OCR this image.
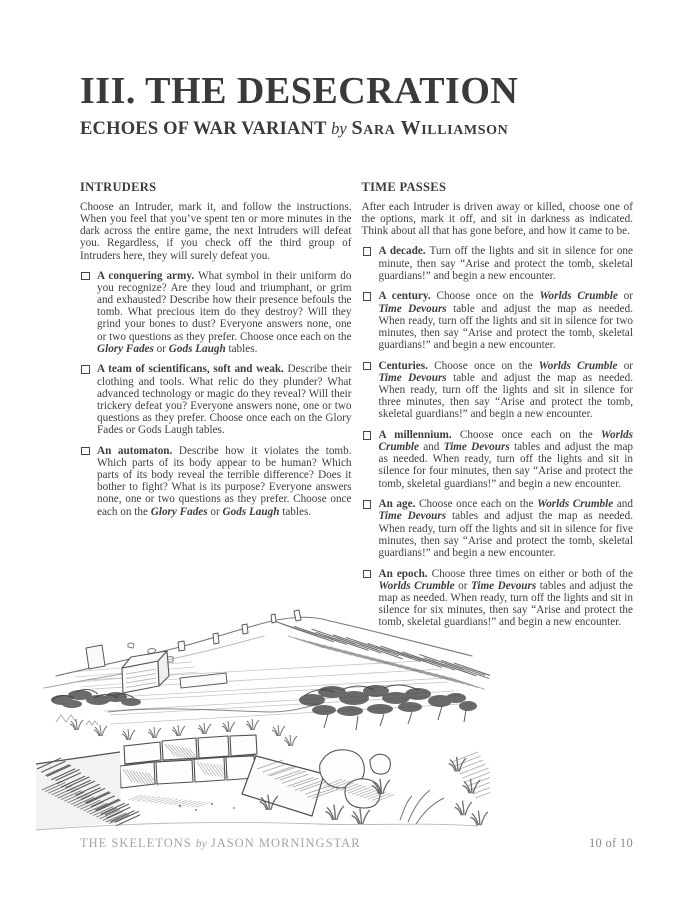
III. THE DESECRATION
ECHOES OF WAR VARIANT by Sara Williamson
INTRUDERS

Choose an Intruder, mark it, and follow the instructions. When you feel that you’ve spent ten or more minutes in the dark across the entire game, the next Intruders will defeat you. Regardless, if you check off the third group of Intruders here, they will surely defeat you.

A conquering army. What symbol in their uniform do you recognize? Are they loud and triumphant, or grim and exhausted? Describe how their presence befouls the tomb. What precious item do they destroy? Will they grind your bones to dust? Everyone answers none, one or two questions as they prefer. Choose once each on the Glory Fades or Gods Laugh tables.
A team of scientificans, soft and weak. Describe their clothing and tools. What relic do they plunder? What advanced technology or magic do they reveal? Will their trickery defeat you? Everyone answers none, one or two questions as they prefer. Choose once each on the Glory Fades or Gods Laugh tables.
An automaton. Describe how it violates the tomb. Which parts of its body appear to be human? Which parts of its body reveal the terrible difference? Does it bother to fight? What is its purpose? Everyone answers none, one or two questions as they prefer. Choose once each on the Glory Fades or Gods Laugh tables.
TIME PASSES

After each Intruder is driven away or killed, choose one of the options, mark it off, and sit in darkness as indicated. Think about all that has gone before, and how it came to be.

A decade. Turn off the lights and sit in silence for one minute, then say “Arise and protect the tomb, skeletal guardians!” and begin a new encounter.
A century. Choose once on the Worlds Crumble or Time Devours table and adjust the map as needed. When ready, turn off the lights and sit in silence for two minutes, then say “Arise and protect the tomb, skeletal guardians!” and begin a new encounter.
Centuries. Choose once on the Worlds Crumble or Time Devours table and adjust the map as needed. When ready, turn off the lights and sit in silence for three minutes, then say “Arise and protect the tomb, skeletal guardians!” and begin a new encounter.
A millennium. Choose once each on the Worlds Crumble and Time Devours tables and adjust the map as needed. When ready, turn off the lights and sit in silence for four minutes, then say “Arise and protect the tomb, skeletal guardians!” and begin a new encounter.
An age. Choose once each on the Worlds Crumble and Time Devours tables and adjust the map as needed. When ready, turn off the lights and sit in silence for five minutes, then say “Arise and protect the tomb, skeletal guardians!” and begin a new encounter.
An epoch. Choose three times on either or both of the Worlds Crumble or Time Devours tables and adjust the map as needed. When ready, turn off the lights and sit in silence for six minutes, then say “Arise and protect the tomb, skeletal guardians!” and begin a new encounter.
THE SKELETONS by JASON MORNINGSTAR	10 of 10
